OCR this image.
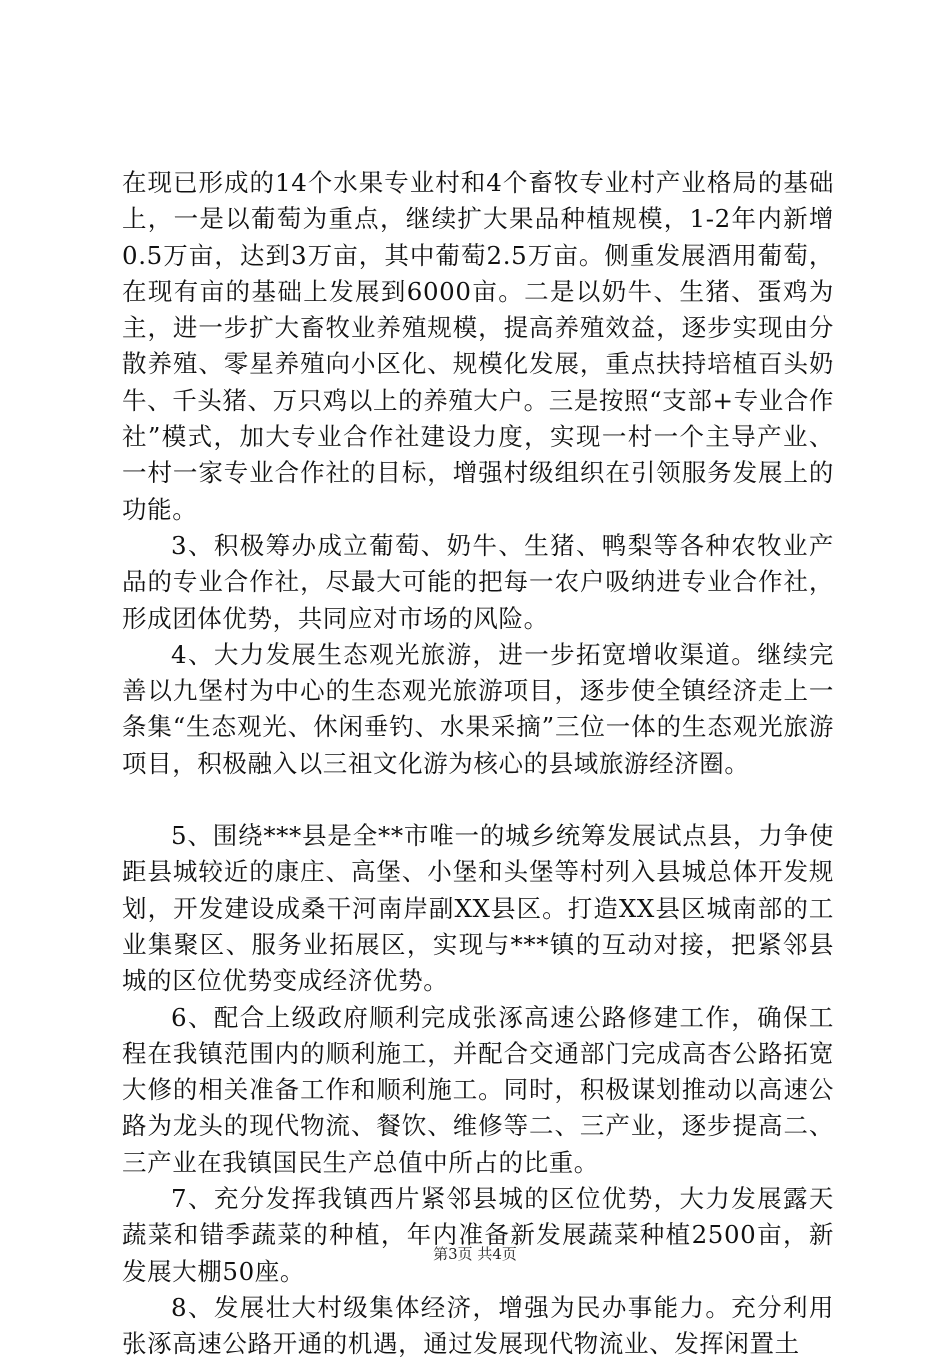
在现已形成的14个水果专业村和4个畜牧专业村产业格局的基础上，一是以葡萄为重点，继续扩大果品种植规模，1-2年内新增0.5万亩，达到3万亩，其中葡萄2.5万亩。侧重发展酒用葡萄，在现有亩的基础上发展到6000亩。二是以奶牛、生猪、蛋鸡为主，进一步扩大畜牧业养殖规模，提高养殖效益，逐步实现由分散养殖、零星养殖向小区化、规模化发展，重点扶持培植百头奶牛、千头猪、万只鸡以上的养殖大户。三是按照“支部+专业合作社”模式，加大专业合作社建设力度，实现一村一个主导产业、一村一家专业合作社的目标，增强村级组织在引领服务发展上的功能。

3、积极筹办成立葡萄、奶牛、生猪、鸭梨等各种农牧业产品的专业合作社，尽最大可能的把每一农户吸纳进专业合作社，形成团体优势，共同应对市场的风险。

4、大力发展生态观光旅游，进一步拓宽增收渠道。继续完善以九堡村为中心的生态观光旅游项目，逐步使全镇经济走上一条集“生态观光、休闲垂钓、水果采摘”三位一体的生态观光旅游项目，积极融入以三祖文化游为核心的县域旅游经济圈。

5、围绕***县是全**市唯一的城乡统筹发展试点县，力争使距县城较近的康庄、高堡、小堡和头堡等村列入县城总体开发规划，开发建设成桑干河南岸副XX县区。打造XX县区城南部的工业集聚区、服务业拓展区，实现与***镇的互动对接，把紧邻县城的区位优势变成经济优势。

6、配合上级政府顺利完成张涿高速公路修建工作，确保工程在我镇范围内的顺利施工，并配合交通部门完成高杏公路拓宽大修的相关准备工作和顺利施工。同时，积极谋划推动以高速公路为龙头的现代物流、餐饮、维修等二、三产业，逐步提高二、三产业在我镇国民生产总值中所占的比重。

7、充分发挥我镇西片紧邻县城的区位优势，大力发展露天蔬菜和错季蔬菜的种植，年内准备新发展蔬菜种植2500亩，新发展大棚50座。

8、发展壮大村级集体经济，增强为民办事能力。充分利用张涿高速公路开通的机遇，通过发展现代物流业、发挥闲置土

第3页 共4页
